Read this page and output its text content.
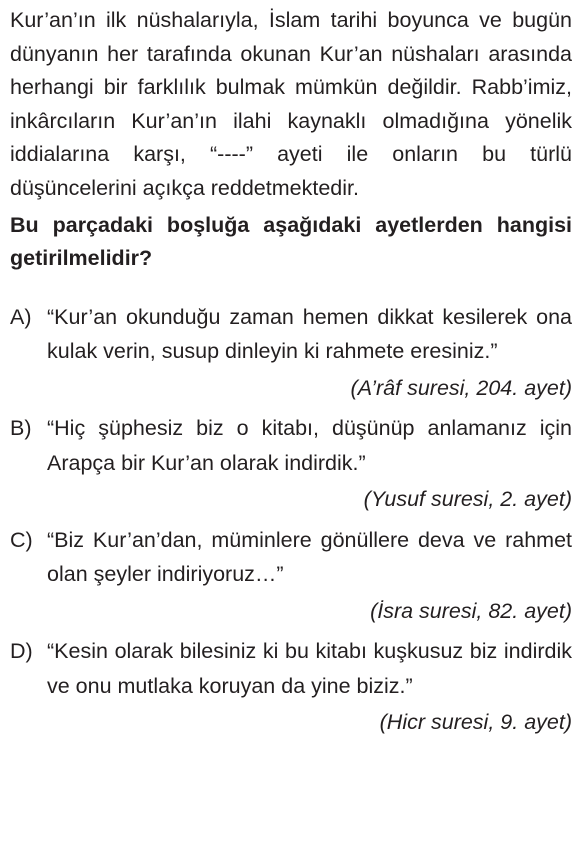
Kur’an’ın ilk nüshalarıyla, İslam tarihi boyunca ve bugün dünyanın her tarafında okunan Kur’an nüshaları arasında herhangi bir farklılık bulmak mümkün değildir. Rabb’imiz, inkârcıların Kur’an’ın ilahi kaynaklı olmadığına yönelik iddialarına karşı, “----” ayeti ile onların bu türlü düşüncelerini açıkça reddetmektedir.

Bu parçadaki boşluğa aşağıdaki ayetlerden hangisi getirilmelidir?

A) “Kur’an okunduğu zaman hemen dikkat kesilerek ona kulak verin, susup dinleyin ki rahmete eresiniz.”
(A’râf suresi, 204. ayet)
B) “Hiç şüphesiz biz o kitabı, düşünüp anlamanız için Arapça bir Kur’an olarak indirdik.”
(Yusuf suresi, 2. ayet)
C) “Biz Kur’an’dan, müminlere gönüllere deva ve rahmet olan şeyler indiriyoruz…”
(İsra suresi, 82. ayet)
D) “Kesin olarak bilesiniz ki bu kitabı kuşkusuz biz indirdik ve onu mutlaka koruyan da yine biziz.”
(Hicr suresi, 9. ayet)
